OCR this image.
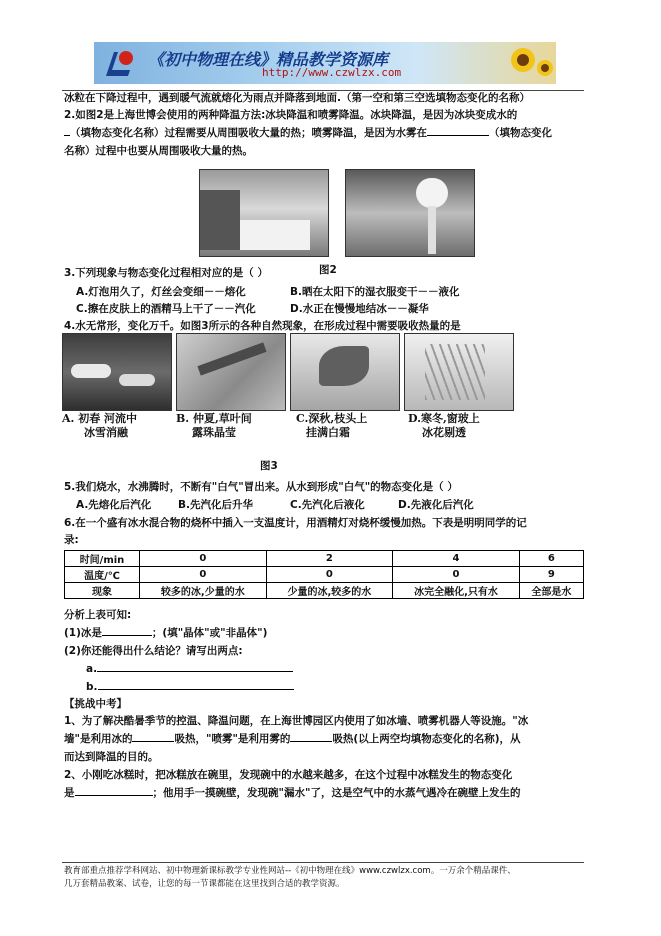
《初中物理在线》精品教学资源库
http://www.czwlzx.com
冰粒在下降过程中，遇到暖气流就熔化为雨点并降落到地面.（第一空和第三空选填物态变化的名称）
2.如图2是上海世博会使用的两种降温方法:冰块降温和喷雾降温。冰块降温，是因为冰块变成水的
（填物态变化名称）过程需要从周围吸收大量的热；喷雾降温，是因为水雾在	（填物态变化
名称）过程中也要从周围吸收大量的热。
3.下列现象与物态变化过程相对应的是（ ）	图2
A.灯泡用久了，灯丝会变细－－熔化	B.晒在太阳下的湿衣服变干－－液化
C.擦在皮肤上的酒精马上干了－－汽化	D.水正在慢慢地结冰－－凝华
4.水无常形，变化万千。如图3所示的各种自然现象，在形成过程中需要吸收热量的是
A. 初春 河流中
冰雪消融
B. 仲夏,草叶间
露珠晶莹
C.深秋,枝头上
挂满白霜
D.寒冬,窗玻上
冰花剔透
图3
5.我们烧水，水沸腾时，不断有"白气"冒出来。从水到形成"白气"的物态变化是（ ）
A.先熔化后汽化	B.先汽化后升华	C.先汽化后液化	D.先液化后汽化
6.在一个盛有冰水混合物的烧杯中插入一支温度计，用酒精灯对烧杯缓慢加热。下表是明明同学的记
录:
时间/min	0	2	4	6
温度/℃	0	0	0	9
现象	较多的冰,少量的水	少量的冰,较多的水	冰完全融化,只有水	全部是水
分析上表可知:
(1)冰是	；(填"晶体"或"非晶体")
(2)你还能得出什么结论？请写出两点:
a.
b.
【挑战中考】
1、为了解决酷暑季节的控温、降温问题，在上海世博园区内使用了如冰墙、喷雾机器人等设施。"冰
墙"是利用冰的	吸热，"喷雾"是利用雾的	吸热(以上两空均填物态变化的名称)，从
而达到降温的目的。
2、小刚吃冰糕时，把冰糕放在碗里，发现碗中的水越来越多，在这个过程中冰糕发生的物态变化
是	；他用手一摸碗壁，发现碗"漏水"了，这是空气中的水蒸气遇冷在碗壁上发生的
教育部重点推荐学科网站、初中物理新课标教学专业性网站--《初中物理在线》www.czwlzx.com。一万余个精品课件、
几万套精品教案、试卷，让您的每一节课都能在这里找到合适的教学资源。
